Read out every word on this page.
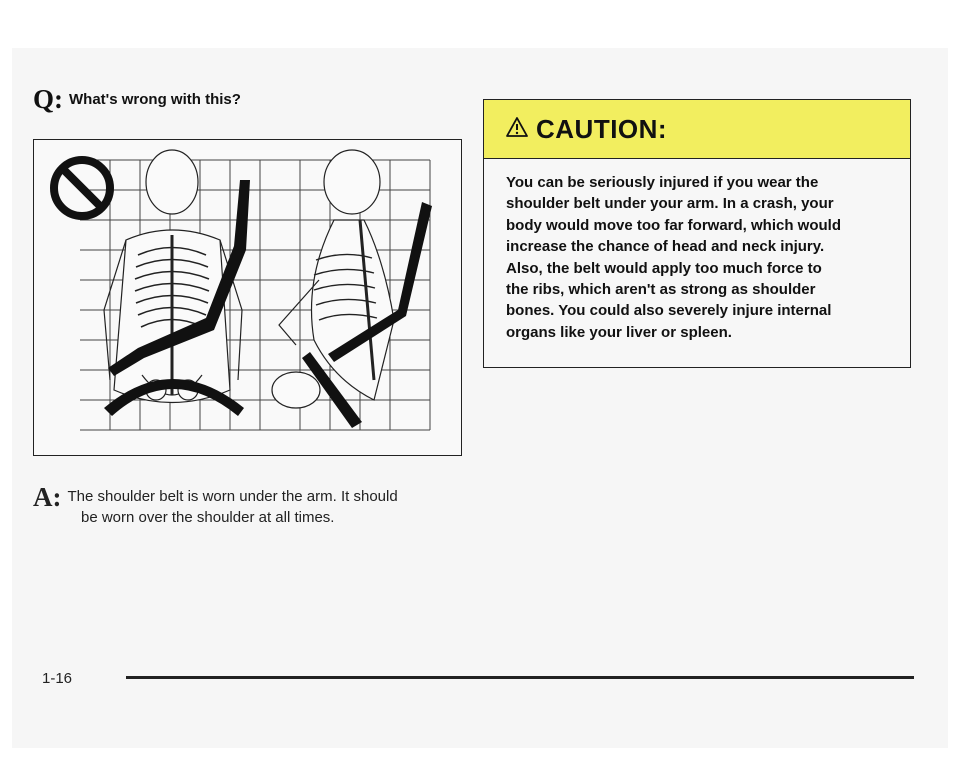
Q: What's wrong with this?
A: The shoulder belt is worn under the arm. It should
be worn over the shoulder at all times.
CAUTION:
You can be seriously injured if you wear the
shoulder belt under your arm. In a crash, your
body would move too far forward, which would
increase the chance of head and neck injury.
Also, the belt would apply too much force to
the ribs, which aren't as strong as shoulder
bones. You could also severely injure internal
organs like your liver or spleen.
1-16
